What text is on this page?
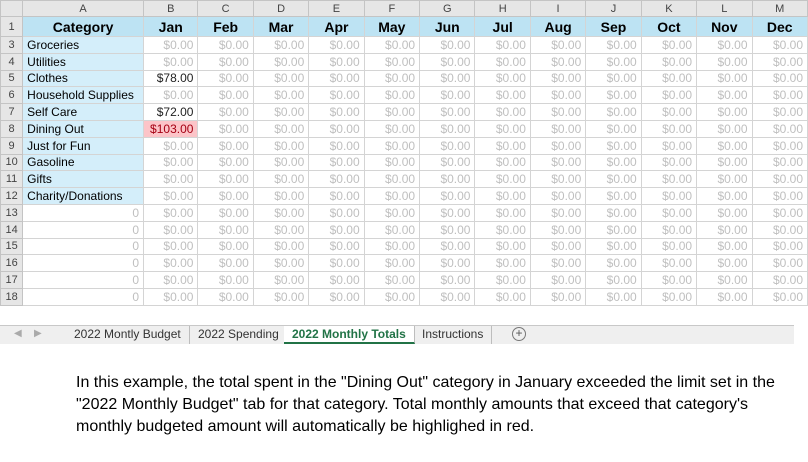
	A	B	C	D	E	F	G	H	I	J	K	L	M
1	Category	Jan	Feb	Mar	Apr	May	Jun	Jul	Aug	Sep	Oct	Nov	Dec
3	Groceries	$0.00	$0.00	$0.00	$0.00	$0.00	$0.00	$0.00	$0.00	$0.00	$0.00	$0.00	$0.00
4	Utilities	$0.00	$0.00	$0.00	$0.00	$0.00	$0.00	$0.00	$0.00	$0.00	$0.00	$0.00	$0.00
5	Clothes	$78.00	$0.00	$0.00	$0.00	$0.00	$0.00	$0.00	$0.00	$0.00	$0.00	$0.00	$0.00
6	Household Supplies	$0.00	$0.00	$0.00	$0.00	$0.00	$0.00	$0.00	$0.00	$0.00	$0.00	$0.00	$0.00
7	Self Care	$72.00	$0.00	$0.00	$0.00	$0.00	$0.00	$0.00	$0.00	$0.00	$0.00	$0.00	$0.00
8	Dining Out	$103.00	$0.00	$0.00	$0.00	$0.00	$0.00	$0.00	$0.00	$0.00	$0.00	$0.00	$0.00
9	Just for Fun	$0.00	$0.00	$0.00	$0.00	$0.00	$0.00	$0.00	$0.00	$0.00	$0.00	$0.00	$0.00
10	Gasoline	$0.00	$0.00	$0.00	$0.00	$0.00	$0.00	$0.00	$0.00	$0.00	$0.00	$0.00	$0.00
11	Gifts	$0.00	$0.00	$0.00	$0.00	$0.00	$0.00	$0.00	$0.00	$0.00	$0.00	$0.00	$0.00
12	Charity/Donations	$0.00	$0.00	$0.00	$0.00	$0.00	$0.00	$0.00	$0.00	$0.00	$0.00	$0.00	$0.00
13	0	$0.00	$0.00	$0.00	$0.00	$0.00	$0.00	$0.00	$0.00	$0.00	$0.00	$0.00	$0.00
14	0	$0.00	$0.00	$0.00	$0.00	$0.00	$0.00	$0.00	$0.00	$0.00	$0.00	$0.00	$0.00
15	0	$0.00	$0.00	$0.00	$0.00	$0.00	$0.00	$0.00	$0.00	$0.00	$0.00	$0.00	$0.00
16	0	$0.00	$0.00	$0.00	$0.00	$0.00	$0.00	$0.00	$0.00	$0.00	$0.00	$0.00	$0.00
17	0	$0.00	$0.00	$0.00	$0.00	$0.00	$0.00	$0.00	$0.00	$0.00	$0.00	$0.00	$0.00
18	0	$0.00	$0.00	$0.00	$0.00	$0.00	$0.00	$0.00	$0.00	$0.00	$0.00	$0.00	$0.00
◀ ▶	2022 Montly Budget	2022 Spending	2022 Monthly Totals	Instructions	+
In this example, the total spent in the "Dining Out" category in January exceeded the limit set in the "2022 Monthly Budget" tab for that category. Total monthly amounts that exceed that category's monthly budgeted amount will automatically be highlighed in red.
